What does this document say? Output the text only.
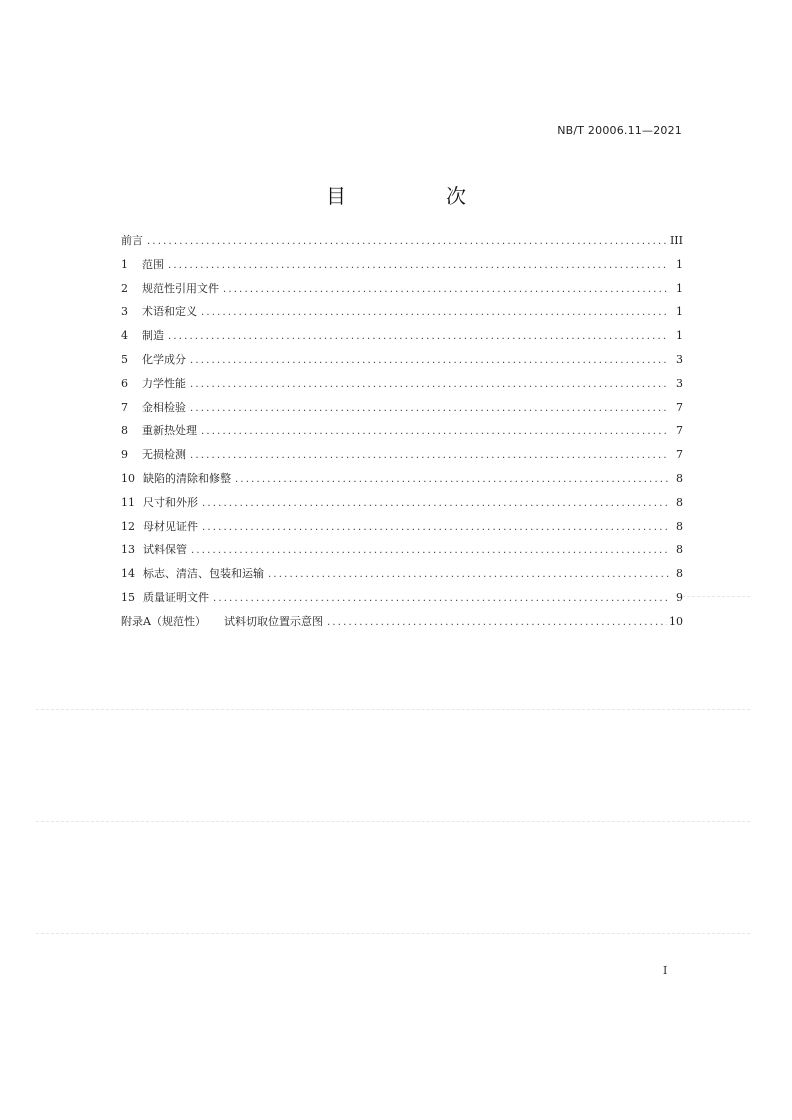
NB/T 20006.11—2021
目　次
前言 .....	III
1	范围 .....	1
2	规范性引用文件 .....	1
3	术语和定义 .....	1
4	制造 .....	1
5	化学成分 .....	3
6	力学性能 .....	3
7	金相检验 .....	7
8	重新热处理 .....	7
9	无损检测 .....	7
10 缺陷的清除和修整 .....	8
11 尺寸和外形 .....	8
12 母材见证件 .....	8
13 试料保管 .....	8
14 标志、清洁、包装和运输 .....	8
15 质量证明文件 .....	9
附录A（规范性） 试料切取位置示意图 .....	10
I
